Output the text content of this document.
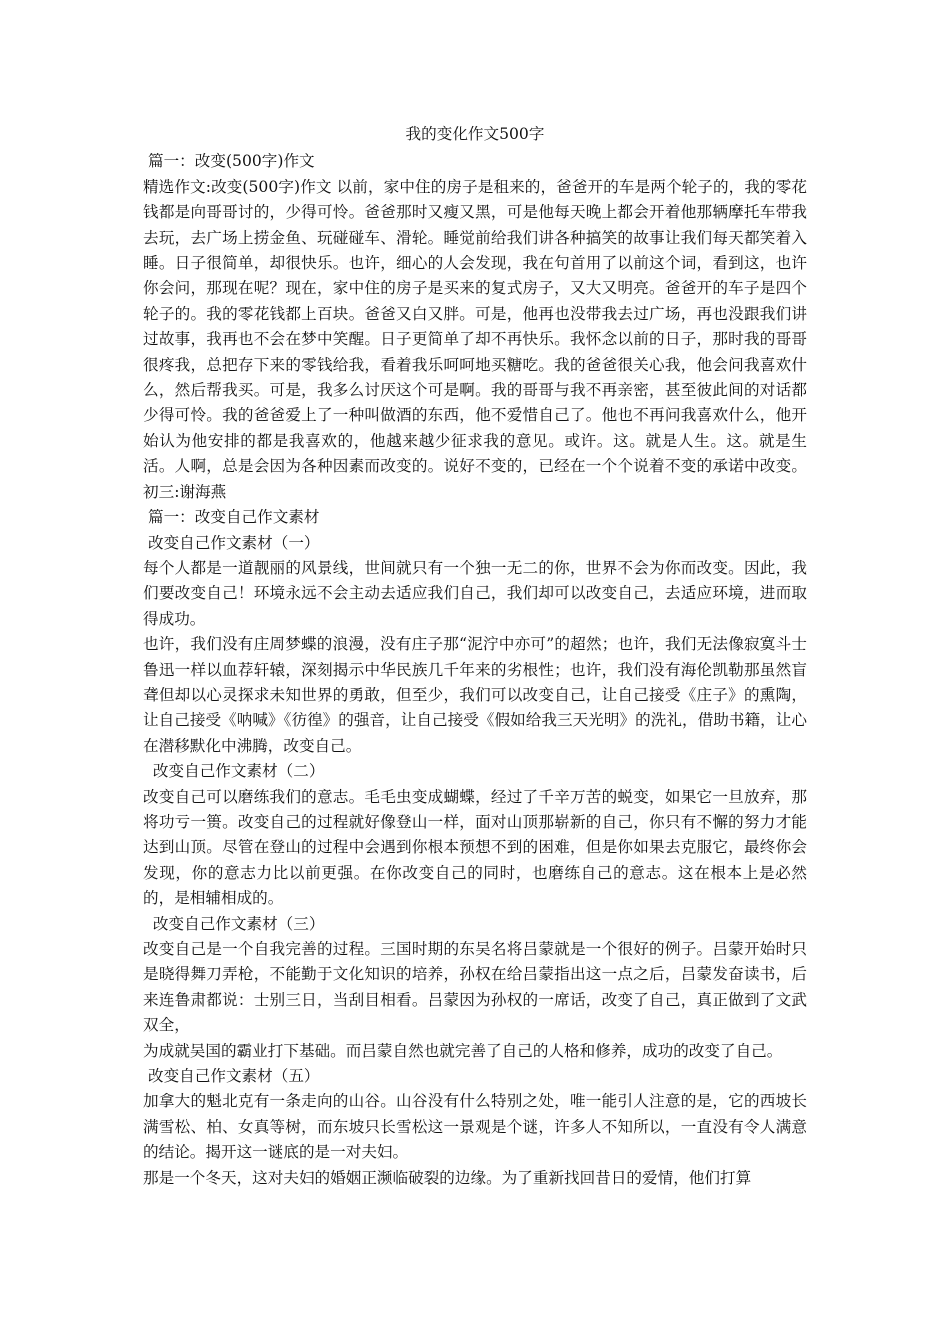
我的变化作文500字
篇一：改变(500字)作文
精选作文:改变(500字)作文 以前，家中住的房子是租来的，爸爸开的车是两个轮子的，我的零花钱都是向哥哥讨的，少得可怜。爸爸那时又瘦又黑，可是他每天晚上都会开着他那辆摩托车带我去玩，去广场上捞金鱼、玩碰碰车、滑轮。睡觉前给我们讲各种搞笑的故事让我们每天都笑着入睡。日子很简单，却很快乐。也许，细心的人会发现，我在句首用了以前这个词，看到这，也许你会问，那现在呢？现在，家中住的房子是买来的复式房子，又大又明亮。爸爸开的车子是四个轮子的。我的零花钱都上百块。爸爸又白又胖。可是，他再也没带我去过广场，再也没跟我们讲过故事，我再也不会在梦中笑醒。日子更简单了却不再快乐。我怀念以前的日子，那时我的哥哥很疼我，总把存下来的零钱给我，看着我乐呵呵地买糖吃。我的爸爸很关心我，他会问我喜欢什么，然后帮我买。可是，我多么讨厌这个可是啊。我的哥哥与我不再亲密，甚至彼此间的对话都少得可怜。我的爸爸爱上了一种叫做酒的东西，他不爱惜自己了。他也不再问我喜欢什么，他开始认为他安排的都是我喜欢的，他越来越少征求我的意见。或许。这。就是人生。这。就是生活。人啊，总是会因为各种因素而改变的。说好不变的，已经在一个个说着不变的承诺中改变。初三:谢海燕
篇一：改变自己作文素材
改变自己作文素材（一）
每个人都是一道靓丽的风景线，世间就只有一个独一无二的你，世界不会为你而改变。因此，我们要改变自己！环境永远不会主动去适应我们自己，我们却可以改变自己，去适应环境，进而取得成功。
也许，我们没有庄周梦蝶的浪漫，没有庄子那“泥泞中亦可”的超然；也许，我们无法像寂寞斗士鲁迅一样以血荐轩辕，深刻揭示中华民族几千年来的劣根性；也许，我们没有海伦凯勒那虽然盲聋但却以心灵探求未知世界的勇敢，但至少，我们可以改变自己，让自己接受《庄子》的熏陶，让自己接受《呐喊》《彷徨》的强音，让自己接受《假如给我三天光明》的洗礼，借助书籍，让心在潜移默化中沸腾，改变自己。
改变自己作文素材（二）
改变自己可以磨练我们的意志。毛毛虫变成蝴蝶，经过了千辛万苦的蜕变，如果它一旦放弃，那将功亏一篑。改变自己的过程就好像登山一样，面对山顶那崭新的自己，你只有不懈的努力才能达到山顶。尽管在登山的过程中会遇到你根本预想不到的困难，但是你如果去克服它，最终你会发现，你的意志力比以前更强。在你改变自己的同时，也磨练自己的意志。这在根本上是必然的，是相辅相成的。
改变自己作文素材（三）
改变自己是一个自我完善的过程。三国时期的东吴名将吕蒙就是一个很好的例子。吕蒙开始时只是晓得舞刀弄枪，不能勤于文化知识的培养，孙权在给吕蒙指出这一点之后，吕蒙发奋读书，后来连鲁肃都说：士别三日，当刮目相看。吕蒙因为孙权的一席话，改变了自己，真正做到了文武双全，
为成就吴国的霸业打下基础。而吕蒙自然也就完善了自己的人格和修养，成功的改变了自己。
改变自己作文素材（五）
加拿大的魁北克有一条走向的山谷。山谷没有什么特别之处，唯一能引人注意的是，它的西坡长满雪松、柏、女真等树，而东坡只长雪松这一景观是个谜，许多人不知所以，一直没有令人满意的结论。揭开这一谜底的是一对夫妇。
那是一个冬天，这对夫妇的婚姻正濒临破裂的边缘。为了重新找回昔日的爱情，他们打算
